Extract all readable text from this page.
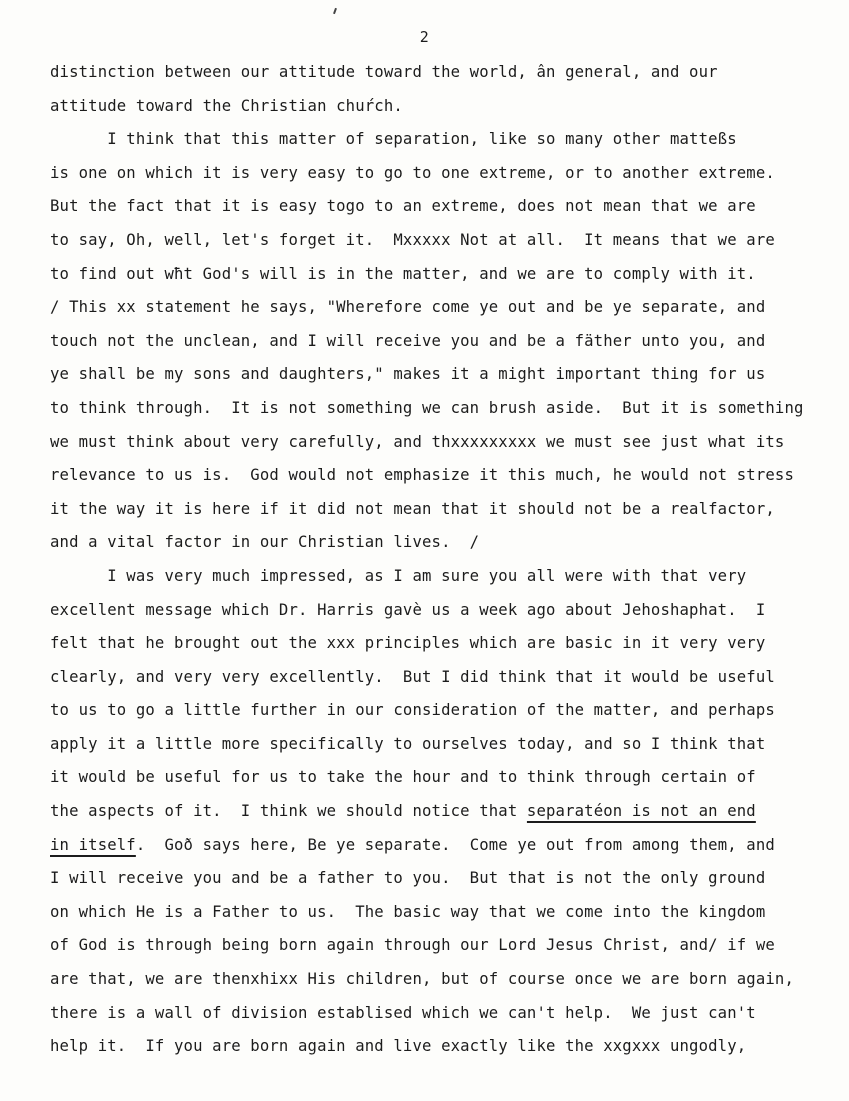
2
distinction between our attitude toward the world, ân general, and our
attitude toward the Christian chuŕch.
I think that this matter of separation, like so many other matteßs
is one on which it is very easy to go to one extreme, or to another extreme.
But the fact that it is easy togo to an extreme, does not mean that we are
to say, Oh, well, let's forget it.  Mxxxxx Not at all.  It means that we are
to find out wħt God's will is in the matter, and we are to comply with it.
/ This xx statement he says, "Wherefore come ye out and be ye separate, and
touch not the unclean, and I will receive you and be a fäther unto you, and
ye shall be my sons and daughters," makes it a might important thing for us
to think through.  It is not something we can brush aside.  But it is something
we must think about very carefully, and thxxxxxxxxx we must see just what its
relevance to us is.  God would not emphasize it this much, he would not stress
it the way it is here if it did not mean that it should not be a realfactor,
and a vital factor in our Christian lives.  /
I was very much impressed, as I am sure you all were with that very
excellent message which Dr. Harris gavè us a week ago about Jehoshaphat.  I
felt that he brought out the xxx principles which are basic in it very very
clearly, and very very excellently.  But I did think that it would be useful
to us to go a little further in our consideration of the matter, and perhaps
apply it a little more specifically to ourselves today, and so I think that
it would be useful for us to take the hour and to think through certain of
the aspects of it.  I think we should notice that separatéon is not an end
in itself.  Goð says here, Be ye separate.  Come ye out from among them, and
I will receive you and be a father to you.  But that is not the only ground
on which He is a Father to us.  The basic way that we come into the kingdom
of God is through being born again through our Lord Jesus Christ, and/ if we
are that, we are thenxhixx His children, but of course once we are born again,
there is a wall of division establised which we can't help.  We just can't
help it.  If you are born again and live exactly like the xxgxxx ungodly,
